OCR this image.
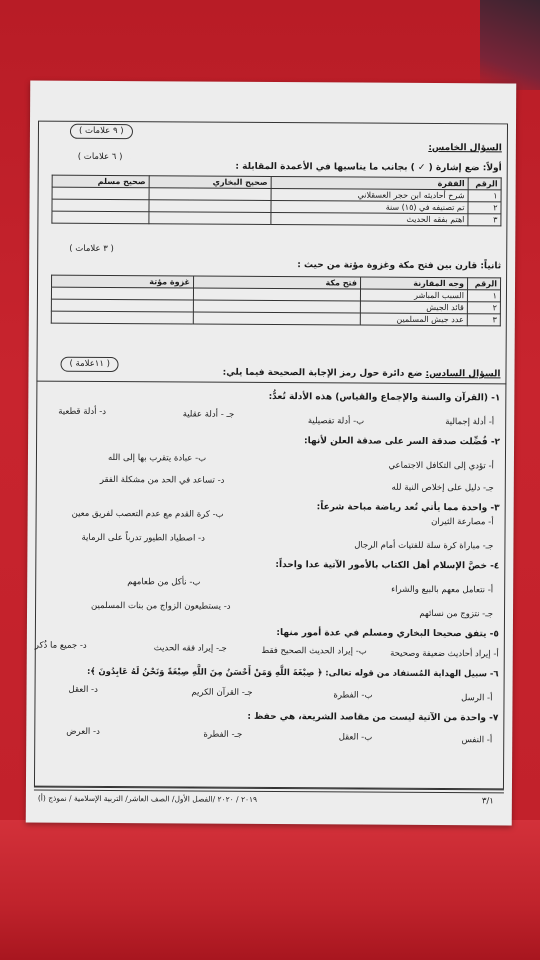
( ٩ علامات )
السؤال الخامس:
أولاً: ضع إشارة ( ✓ ) بجانب ما يناسبها في الأعمدة المقابلة :
( ٦ علامات )
الرقم	الفقرة	صحيح البخاري	صحيح مسلم
١	شرح أحاديثه ابن حجر العسقلاني		
٢	تم تصنيفه في (١٥) سنة		
٣	اهتم بفقه الحديث		
( ٣ علامات )
ثانياً: قارن بين فتح مكة وغزوة مؤتة من حيث :
الرقم	وجه المقارنة	فتح مكة	غزوة مؤتة
١	السبب المباشر		
٢	قائد الجيش		
٣	عدد جيش المسلمين		
( ١١علامة )
السؤال السادس: ضع دائرة حول رمز الإجابة الصحيحة فيما يلي:
١- (القرآن والسنة والإجماع والقياس) هذه الأدلة تُعدُّ:
أ- أدلة إجمالية
ب- أدلة تفصيلية
جـ - أدلة عقلية
د- أدلة قطعية
٢- فُضِّلت صدقة السر على صدقة العلن لأنها:
أ- تؤدي إلى التكافل الاجتماعي
ب- عبادة يتقرب بها إلى الله
جـ- دليل على إخلاص النية لله
د- تساعد في الحد من مشكلة الفقر
٣- واحدة مما يأتي تُعد رياضة مباحة شرعاً:
أ- مصارعة الثيران
ب- كرة القدم مع عدم التعصب لفريق معين
جـ- مباراة كرة سلة للفتيات أمام الرجال
د- اصطياد الطيور تدرباً على الرماية
٤- خصَّ الإسلام أهل الكتاب بالأمور الآتية عدا واحداً:
أ- نتعامل معهم بالبيع والشراء
ب- نأكل من طعامهم
جـ- نتزوج من نسائهم
د- يستطيعون الزواج من بنات المسلمين
٥- يتفق صحيحا البخاري ومسلم في عدة أمور منها:
أ- إيراد أحاديث ضعيفة وصحيحة
ب- إيراد الحديث الصحيح فقط
جـ- إيراد فقه الحديث
د- جميع ما ذُكر
٦- سبيل الهداية المُستفاد من قوله تعالى: ﴿ صِبْغَةَ اللَّهِ وَمَنْ أَحْسَنُ مِنَ اللَّهِ صِبْغَةً وَنَحْنُ لَهُ عَابِدُونَ ﴾:
أ- الرسل
ب- الفطرة
جـ- القرآن الكريم
د- العقل
٧- واحدة من الآتية ليست من مقاصد الشريعة، هي حفظ :
أ- النفس
ب- العقل
جـ- الفطرة
د- العرض
٣/١
٢٠١٩ / ٢٠٢٠ /الفصل الأول/ الصف العاشر/ التربية الإسلامية / نموذج (أ)
